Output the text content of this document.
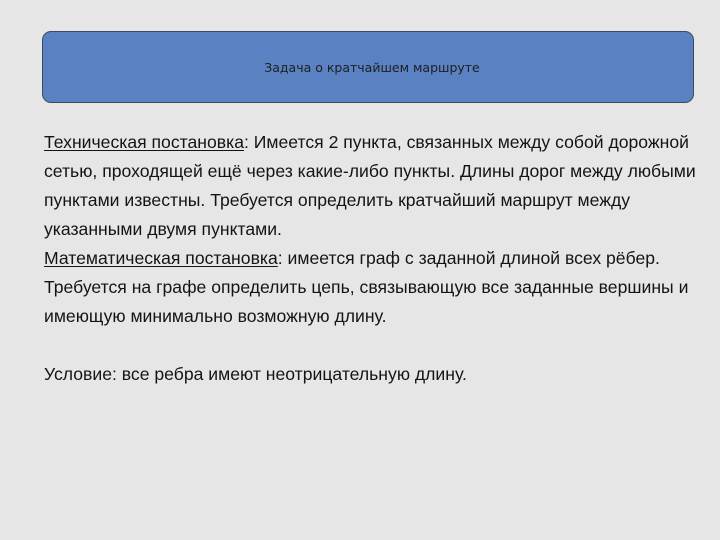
Задача о кратчайшем маршруте

Техническая постановка: Имеется 2 пункта, связанных между собой дорожной сетью, проходящей ещё через какие-либо пункты. Длины дорог между любыми пунктами известны. Требуется определить кратчайший маршрут между указанными двумя пунктами.

Математическая постановка: имеется граф с заданной длиной всех рёбер. Требуется на графе определить цепь, связывающую все заданные вершины и имеющую минимально возможную длину.

Условие: все ребра имеют неотрицательную длину.
